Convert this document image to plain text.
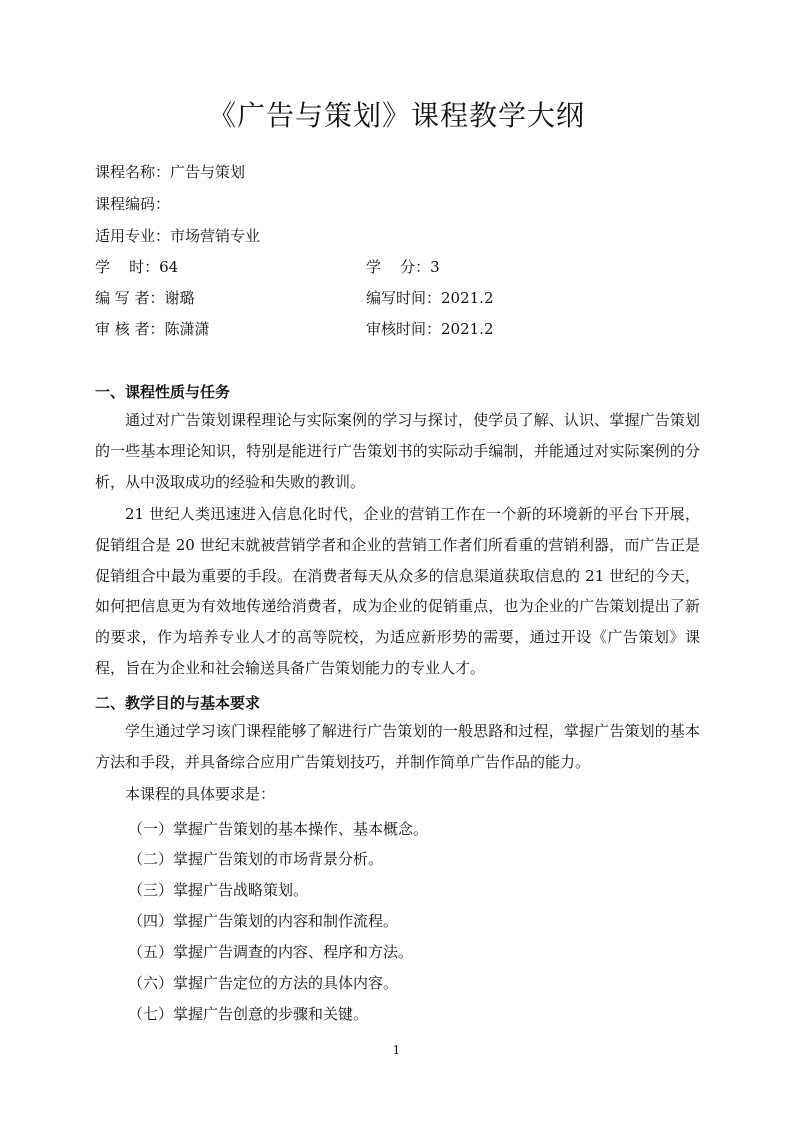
《广告与策划》课程教学大纲
课程名称：广告与策划
课程编码：
适用专业：市场营销专业
学    时：64	学    分：3
编 写 者：谢璐	编写时间：2021.2
审 核 者：陈潇潇	审核时间：2021.2
一、课程性质与任务

通过对广告策划课程理论与实际案例的学习与探讨，使学员了解、认识、掌握广告策划的一些基本理论知识，特别是能进行广告策划书的实际动手编制，并能通过对实际案例的分析，从中汲取成功的经验和失败的教训。

21 世纪人类迅速进入信息化时代，企业的营销工作在一个新的环境新的平台下开展，促销组合是 20 世纪末就被营销学者和企业的营销工作者们所看重的营销利器，而广告正是促销组合中最为重要的手段。在消费者每天从众多的信息渠道获取信息的 21 世纪的今天，如何把信息更为有效地传递给消费者，成为企业的促销重点，也为企业的广告策划提出了新的要求，作为培养专业人才的高等院校，为适应新形势的需要，通过开设《广告策划》课程，旨在为企业和社会输送具备广告策划能力的专业人才。

二、教学目的与基本要求

学生通过学习该门课程能够了解进行广告策划的一般思路和过程，掌握广告策划的基本方法和手段，并具备综合应用广告策划技巧，并制作简单广告作品的能力。

本课程的具体要求是：

（一）掌握广告策划的基本操作、基本概念。

（二）掌握广告策划的市场背景分析。

（三）掌握广告战略策划。

（四）掌握广告策划的内容和制作流程。

（五）掌握广告调查的内容、程序和方法。

（六）掌握广告定位的方法的具体内容。

（七）掌握广告创意的步骤和关键。

1
